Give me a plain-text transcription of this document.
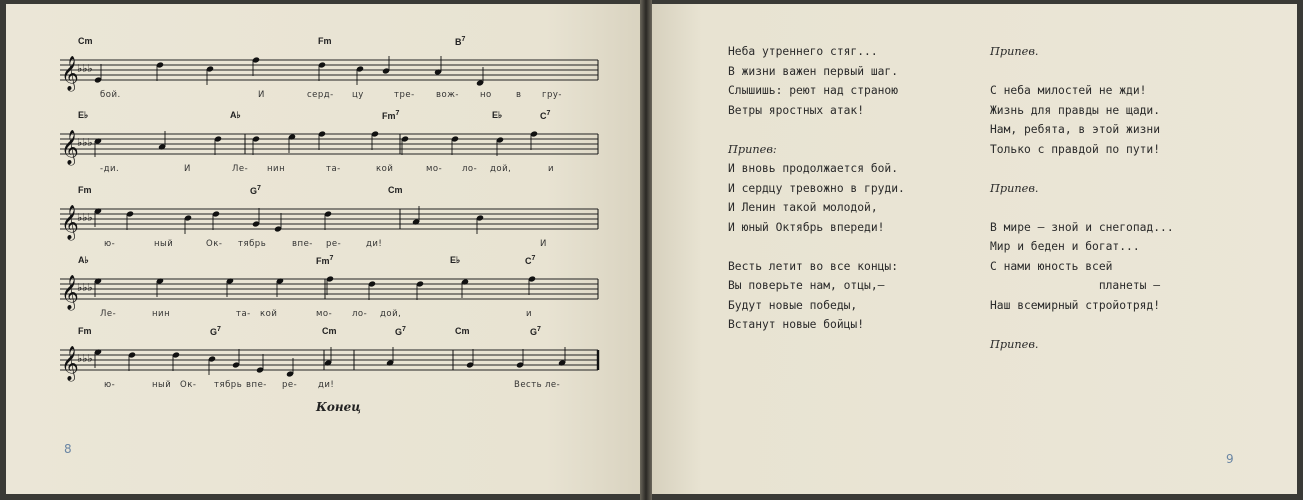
𝄞
♭♭♭
Cm	Fm	$B^7$
бой.	И	серд- цу	тре-	вож- но	в гру-
𝄞
♭♭♭
E♭	A♭	Fm$^7$	E♭	$C^7$
-ди.	И	Ле- нин	та-	кой	мо- ло- дой,	и
𝄞
♭♭♭
Fm	$G^7$	Cm
ю-	ный	Ок- тябрь	впе- ре-	ди!	И
𝄞
♭♭♭
A♭	Fm$^7$	E♭	$C^7$
Ле-	нин	та- кой	мо- ло- дой,	и
𝄞
♭♭♭
Fm	$G^7$	Cm	$G^7$	Cm	$G^7$
ю-	ный Ок- тябрь впе- ре- ди!	Весть ле-
Конец
8
9
Неба утреннего стяг...
В жизни важен первый шаг.
Слышишь: реют над страною
Ветры яростных атак!
Припев:
И вновь продолжается бой.
И сердцу тревожно в груди.
И Ленин такой молодой,
И юный Октябрь впереди!
Весть летит во все концы:
Вы поверьте нам, отцы,—
Будут новые победы,
Встанут новые бойцы!
Припев.
С неба милостей не жди!
Жизнь для правды не щади.
Нам, ребята, в этой жизни
Только с правдой по пути!
Припев.
В мире — зной и снегопад...
Мир и беден и богат...
С нами юность всей
планеты —
Наш всемирный стройотряд!
Припев.
